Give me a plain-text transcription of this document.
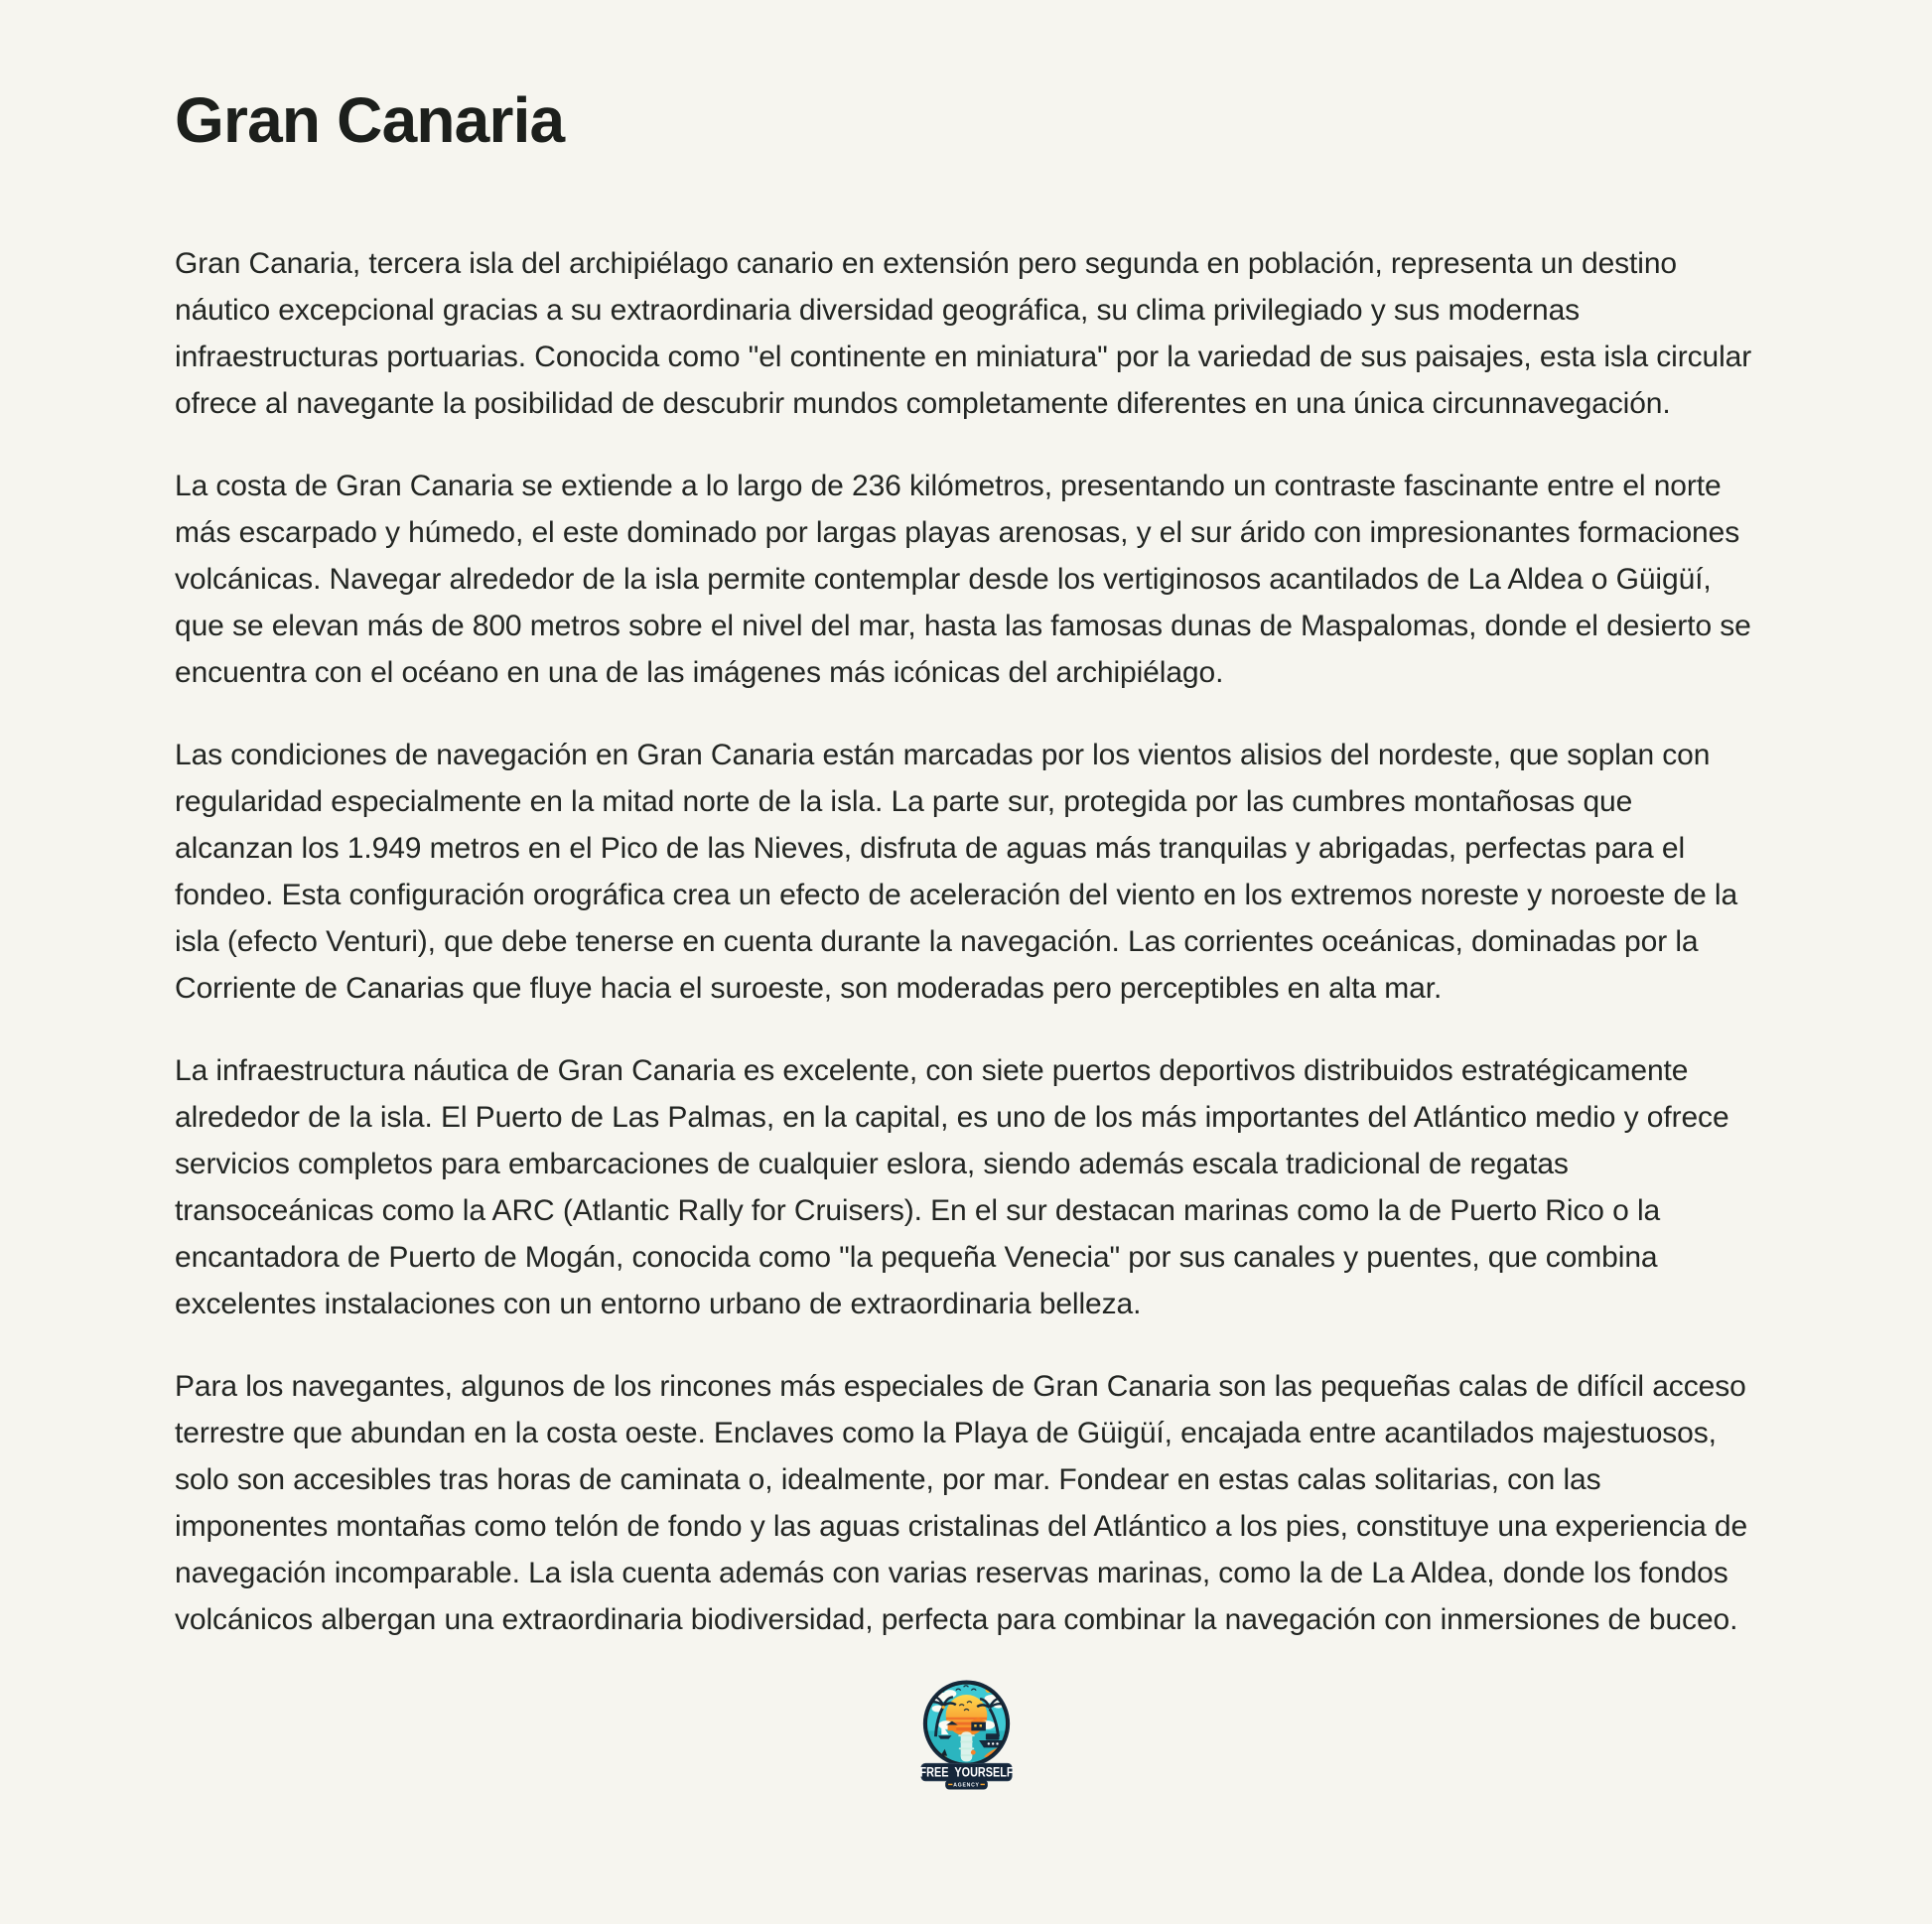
Gran Canaria

Gran Canaria, tercera isla del archipiélago canario en extensión pero segunda en población, representa un destino náutico excepcional gracias a su extraordinaria diversidad geográfica, su clima privilegiado y sus modernas infraestructuras portuarias. Conocida como "el continente en miniatura" por la variedad de sus paisajes, esta isla circular ofrece al navegante la posibilidad de descubrir mundos completamente diferentes en una única circunnavegación.

La costa de Gran Canaria se extiende a lo largo de 236 kilómetros, presentando un contraste fascinante entre el norte más escarpado y húmedo, el este dominado por largas playas arenosas, y el sur árido con impresionantes formaciones volcánicas. Navegar alrededor de la isla permite contemplar desde los vertiginosos acantilados de La Aldea o Güigüí, que se elevan más de 800 metros sobre el nivel del mar, hasta las famosas dunas de Maspalomas, donde el desierto se encuentra con el océano en una de las imágenes más icónicas del archipiélago.

Las condiciones de navegación en Gran Canaria están marcadas por los vientos alisios del nordeste, que soplan con regularidad especialmente en la mitad norte de la isla. La parte sur, protegida por las cumbres montañosas que alcanzan los 1.949 metros en el Pico de las Nieves, disfruta de aguas más tranquilas y abrigadas, perfectas para el fondeo. Esta configuración orográfica crea un efecto de aceleración del viento en los extremos noreste y noroeste de la isla (efecto Venturi), que debe tenerse en cuenta durante la navegación. Las corrientes oceánicas, dominadas por la Corriente de Canarias que fluye hacia el suroeste, son moderadas pero perceptibles en alta mar.

La infraestructura náutica de Gran Canaria es excelente, con siete puertos deportivos distribuidos estratégicamente alrededor de la isla. El Puerto de Las Palmas, en la capital, es uno de los más importantes del Atlántico medio y ofrece servicios completos para embarcaciones de cualquier eslora, siendo además escala tradicional de regatas transoceánicas como la ARC (Atlantic Rally for Cruisers). En el sur destacan marinas como la de Puerto Rico o la encantadora de Puerto de Mogán, conocida como "la pequeña Venecia" por sus canales y puentes, que combina excelentes instalaciones con un entorno urbano de extraordinaria belleza.

Para los navegantes, algunos de los rincones más especiales de Gran Canaria son las pequeñas calas de difícil acceso terrestre que abundan en la costa oeste. Enclaves como la Playa de Güigüí, encajada entre acantilados majestuosos, solo son accesibles tras horas de caminata o, idealmente, por mar. Fondear en estas calas solitarias, con las imponentes montañas como telón de fondo y las aguas cristalinas del Atlántico a los pies, constituye una experiencia de navegación incomparable. La isla cuenta además con varias reservas marinas, como la de La Aldea, donde los fondos volcánicos albergan una extraordinaria biodiversidad, perfecta para combinar la navegación con inmersiones de buceo.

FREE YOURSELF
AGENCY
